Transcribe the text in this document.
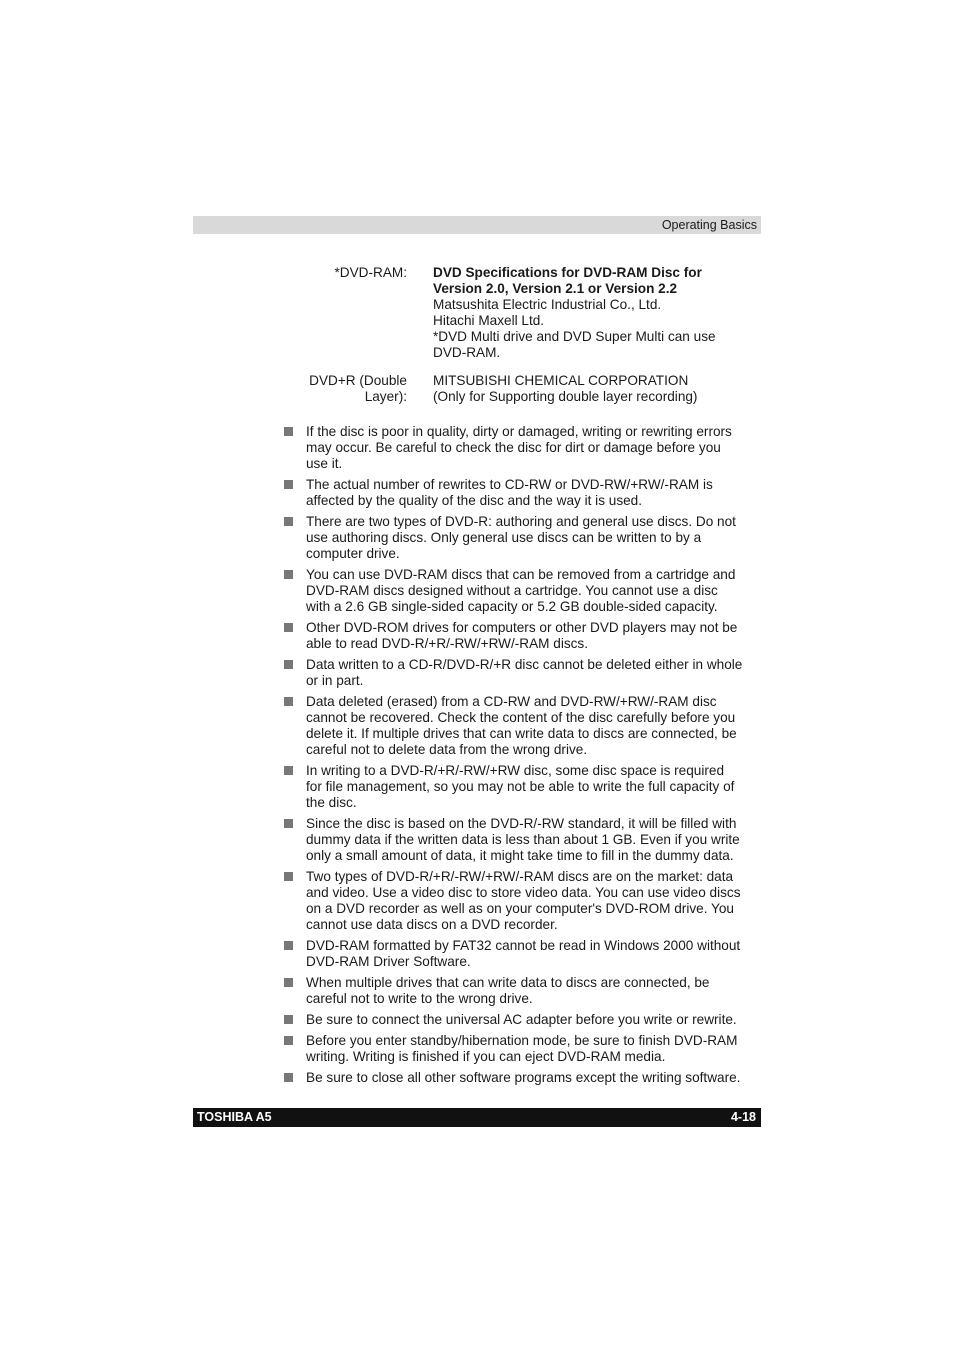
Operating Basics
*DVD-RAM: DVD Specifications for DVD-RAM Disc for
Version 2.0, Version 2.1 or Version 2.2
Matsushita Electric Industrial Co., Ltd.
Hitachi Maxell Ltd.
*DVD Multi drive and DVD Super Multi can use
DVD-RAM.
DVD+R (Double
Layer):
MITSUBISHI CHEMICAL CORPORATION
(Only for Supporting double layer recording)
If the disc is poor in quality, dirty or damaged, writing or rewriting errors
may occur. Be careful to check the disc for dirt or damage before you
use it.
The actual number of rewrites to CD-RW or DVD-RW/+RW/-RAM is
affected by the quality of the disc and the way it is used.
There are two types of DVD-R: authoring and general use discs. Do not
use authoring discs. Only general use discs can be written to by a
computer drive.
You can use DVD-RAM discs that can be removed from a cartridge and
DVD-RAM discs designed without a cartridge. You cannot use a disc
with a 2.6 GB single-sided capacity or 5.2 GB double-sided capacity.
Other DVD-ROM drives for computers or other DVD players may not be
able to read DVD-R/+R/-RW/+RW/-RAM discs.
Data written to a CD-R/DVD-R/+R disc cannot be deleted either in whole
or in part.
Data deleted (erased) from a CD-RW and DVD-RW/+RW/-RAM disc
cannot be recovered. Check the content of the disc carefully before you
delete it. If multiple drives that can write data to discs are connected, be
careful not to delete data from the wrong drive.
In writing to a DVD-R/+R/-RW/+RW disc, some disc space is required
for file management, so you may not be able to write the full capacity of
the disc.
Since the disc is based on the DVD-R/-RW standard, it will be filled with
dummy data if the written data is less than about 1 GB. Even if you write
only a small amount of data, it might take time to fill in the dummy data.
Two types of DVD-R/+R/-RW/+RW/-RAM discs are on the market: data
and video. Use a video disc to store video data. You can use video discs
on a DVD recorder as well as on your computer's DVD-ROM drive. You
cannot use data discs on a DVD recorder.
DVD-RAM formatted by FAT32 cannot be read in Windows 2000 without
DVD-RAM Driver Software.
When multiple drives that can write data to discs are connected, be
careful not to write to the wrong drive.
Be sure to connect the universal AC adapter before you write or rewrite.
Before you enter standby/hibernation mode, be sure to finish DVD-RAM
writing. Writing is finished if you can eject DVD-RAM media.
Be sure to close all other software programs except the writing software.
TOSHIBA A5	4-18
